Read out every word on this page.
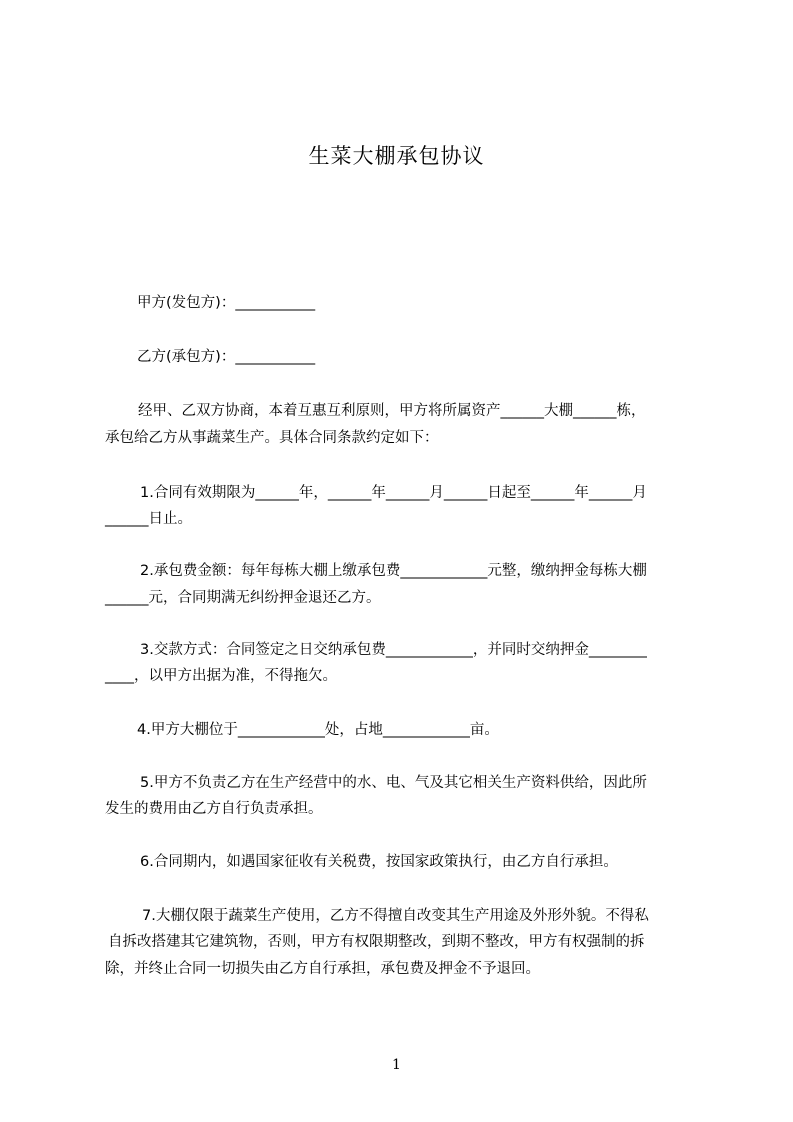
生菜大棚承包协议
甲方(发包方)：___________
乙方(承包方)：___________
经甲、乙双方协商，本着互惠互利原则，甲方将所属资产______大棚______栋，
承包给乙方从事蔬菜生产。具体合同条款约定如下：
1.合同有效期限为______年，______年______月______日起至______年______月
______日止。
2.承包费金额：每年每栋大棚上缴承包费____________元整，缴纳押金每栋大棚
______元，合同期满无纠纷押金退还乙方。
3.交款方式：合同签定之日交纳承包费____________，并同时交纳押金________
____，以甲方出据为准，不得拖欠。
4.甲方大棚位于____________处，占地____________亩。
5.甲方不负责乙方在生产经营中的水、电、气及其它相关生产资料供给，因此所
发生的费用由乙方自行负责承担。
6.合同期内，如遇国家征收有关税费，按国家政策执行，由乙方自行承担。
7.大棚仅限于蔬菜生产使用，乙方不得擅自改变其生产用途及外形外貌。不得私
自拆改搭建其它建筑物，否则，甲方有权限期整改，到期不整改，甲方有权强制的拆
除，并终止合同一切损失由乙方自行承担，承包费及押金不予退回。
1
